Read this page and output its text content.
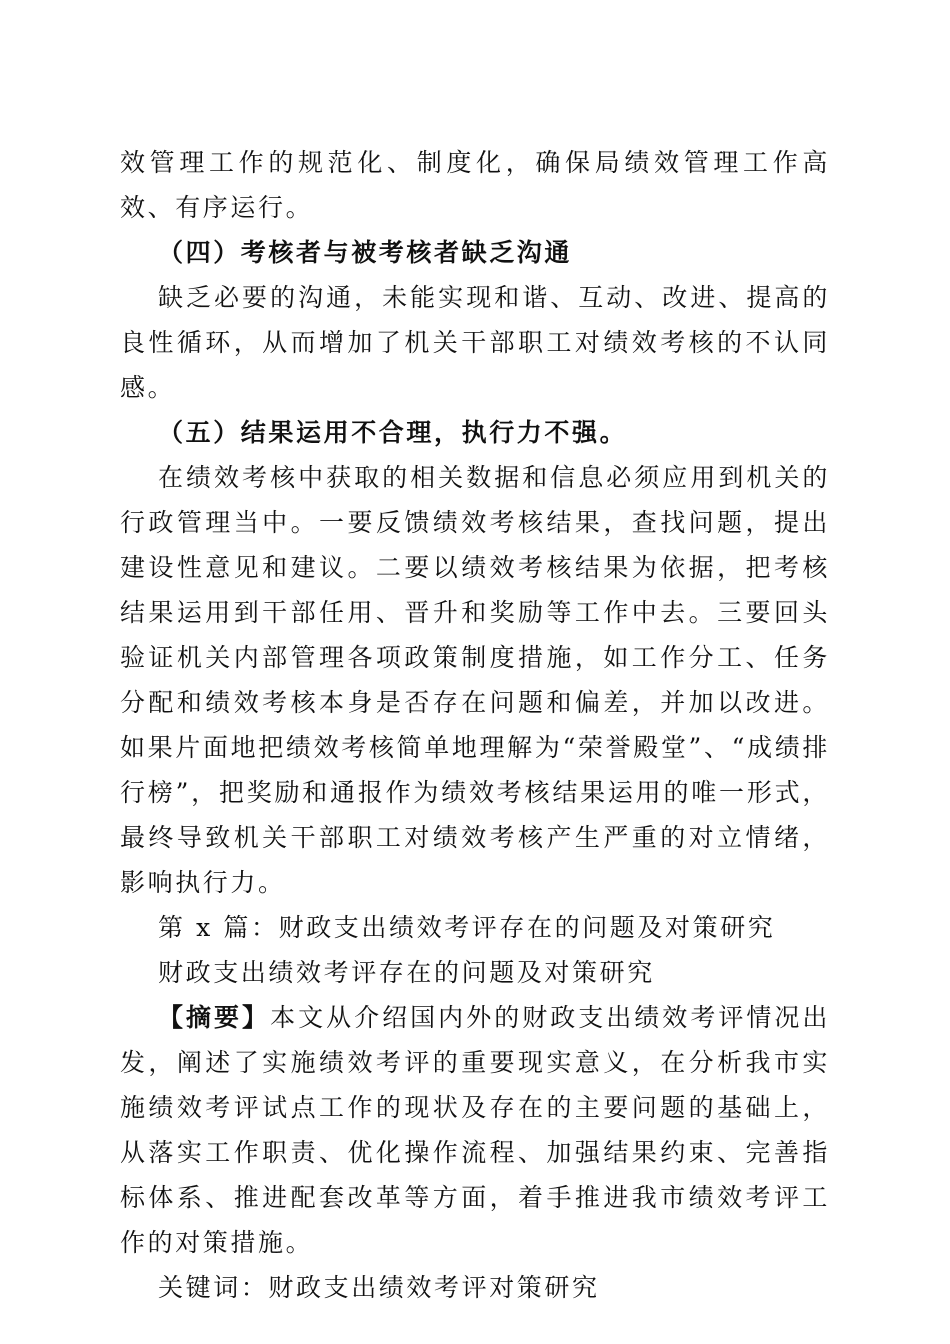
效管理工作的规范化、制度化，确保局绩效管理工作高效、有序运行。

（四）考核者与被考核者缺乏沟通

缺乏必要的沟通，未能实现和谐、互动、改进、提高的良性循环，从而增加了机关干部职工对绩效考核的不认同感。

（五）结果运用不合理，执行力不强。

在绩效考核中获取的相关数据和信息必须应用到机关的行政管理当中。一要反馈绩效考核结果，查找问题，提出建设性意见和建议。二要以绩效考核结果为依据，把考核结果运用到干部任用、晋升和奖励等工作中去。三要回头验证机关内部管理各项政策制度措施，如工作分工、任务分配和绩效考核本身是否存在问题和偏差，并加以改进。如果片面地把绩效考核简单地理解为“荣誉殿堂”、“成绩排行榜”，把奖励和通报作为绩效考核结果运用的唯一形式，最终导致机关干部职工对绩效考核产生严重的对立情绪，影响执行力。

第 x 篇：财政支出绩效考评存在的问题及对策研究

财政支出绩效考评存在的问题及对策研究

【摘要】本文从介绍国内外的财政支出绩效考评情况出发，阐述了实施绩效考评的重要现实意义，在分析我市实施绩效考评试点工作的现状及存在的主要问题的基础上，从落实工作职责、优化操作流程、加强结果约束、完善指标体系、推进配套改革等方面，着手推进我市绩效考评工作的对策措施。

关键词：财政支出绩效考评对策研究
